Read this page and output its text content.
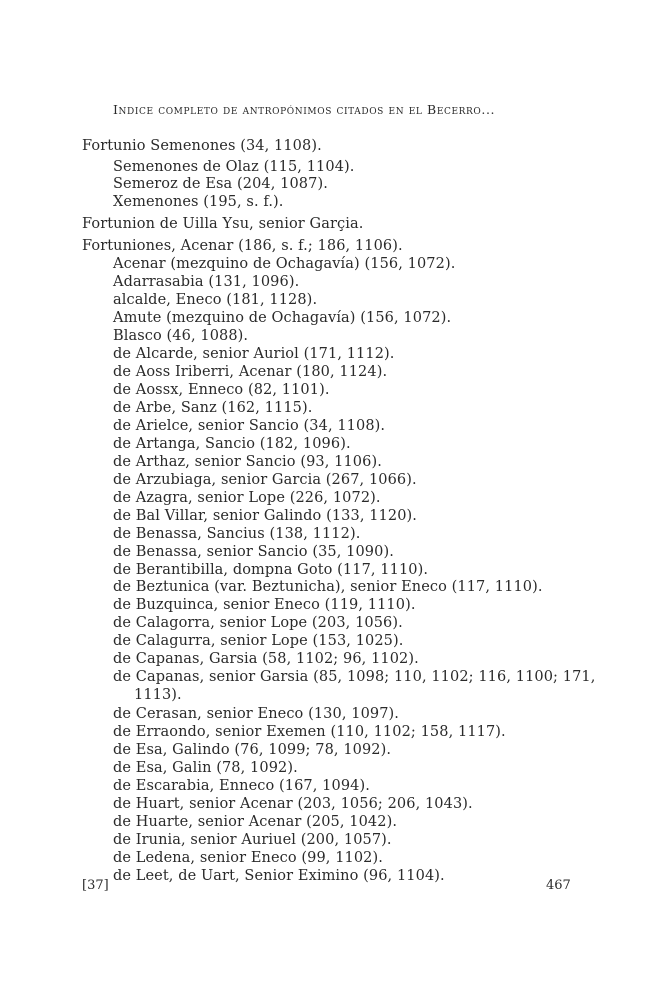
Indice completo de antropónimos citados en el Becerro...
Fortunio Semenones (34, 1108).
Semenones de Olaz (115, 1104).
Semeroz de Esa (204, 1087).
Xemenones (195, s. f.).
Fortunion de Uilla Ysu, senior Garçia.
Fortuniones, Acenar (186, s. f.; 186, 1106).
Acenar (mezquino de Ochagavía) (156, 1072).
Adarrasabia (131, 1096).
alcalde, Eneco (181, 1128).
Amute (mezquino de Ochagavía) (156, 1072).
Blasco (46, 1088).
de Alcarde, senior Auriol (171, 1112).
de Aoss Iriberri, Acenar (180, 1124).
de Aossx, Enneco (82, 1101).
de Arbe, Sanz (162, 1115).
de Arielce, senior Sancio (34, 1108).
de Artanga, Sancio (182, 1096).
de Arthaz, senior Sancio (93, 1106).
de Arzubiaga, senior Garcia (267, 1066).
de Azagra, senior Lope (226, 1072).
de Bal Villar, senior Galindo (133, 1120).
de Benassa, Sancius (138, 1112).
de Benassa, senior Sancio (35, 1090).
de Berantibilla, dompna Goto (117, 1110).
de Beztunica (var. Beztunicha), senior Eneco (117, 1110).
de Buzquinca, senior Eneco (119, 1110).
de Calagorra, senior Lope (203, 1056).
de Calagurra, senior Lope (153, 1025).
de Capanas, Garsia (58, 1102; 96, 1102).
de Capanas, senior Garsia (85, 1098; 110, 1102; 116, 1100; 171,
1113).
de Cerasan, senior Eneco (130, 1097).
de Erraondo, senior Exemen (110, 1102; 158, 1117).
de Esa, Galindo (76, 1099; 78, 1092).
de Esa, Galin (78, 1092).
de Escarabia, Enneco (167, 1094).
de Huart, senior Acenar (203, 1056; 206, 1043).
de Huarte, senior Acenar (205, 1042).
de Irunia, senior Auriuel (200, 1057).
de Ledena, senior Eneco (99, 1102).
de Leet, de Uart, Senior Eximino (96, 1104).
[37]	467
